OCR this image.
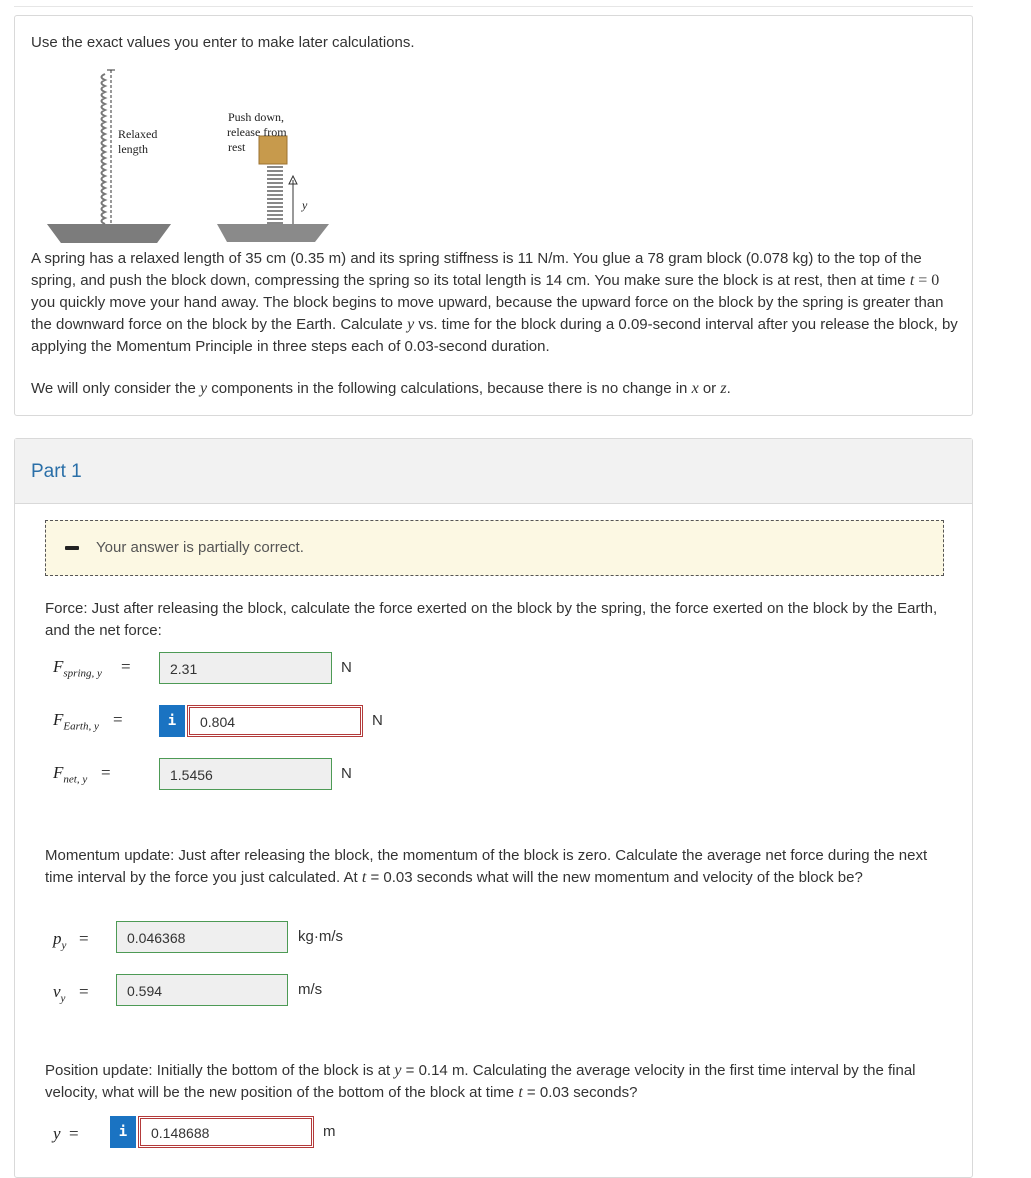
Use the exact values you enter to make later calculations.

Relaxed
length
y
Push down,
release from
rest

A spring has a relaxed length of 35 cm (0.35 m) and its spring stiffness is 11 N/m. You glue a 78 gram block (0.078 kg) to the top of the spring, and push the block down, compressing the spring so its total length is 14 cm. You make sure the block is at rest, then at time t = 0 you quickly move your hand away. The block begins to move upward, because the upward force on the block by the spring is greater than the downward force on the block by the Earth. Calculate y vs. time for the block during a 0.09-second interval after you release the block, by applying the Momentum Principle in three steps each of 0.03-second duration.

We will only consider the y components in the following calculations, because there is no change in x or z.

Part 1
Your answer is partially correct.
Force: Just after releasing the block, calculate the force exerted on the block by the spring, the force exerted on the block by the Earth, and the net force:
$F_{spring, y}$ =	2.31	N
$F_{Earth, y}$ =	i	0.804	N
$F_{net, y}$ =	1.5456	N
Momentum update: Just after releasing the block, the momentum of the block is zero. Calculate the average net force during the next time interval by the force you just calculated. At t = 0.03 seconds what will the new momentum and velocity of the block be?
$p_y$ =	0.046368	kg·m/s
$v_y$ =	0.594	m/s
Position update: Initially the bottom of the block is at y = 0.14 m. Calculating the average velocity in the first time interval by the final velocity, what will be the new position of the bottom of the block at time t = 0.03 seconds?
y =	i	0.148688	m
